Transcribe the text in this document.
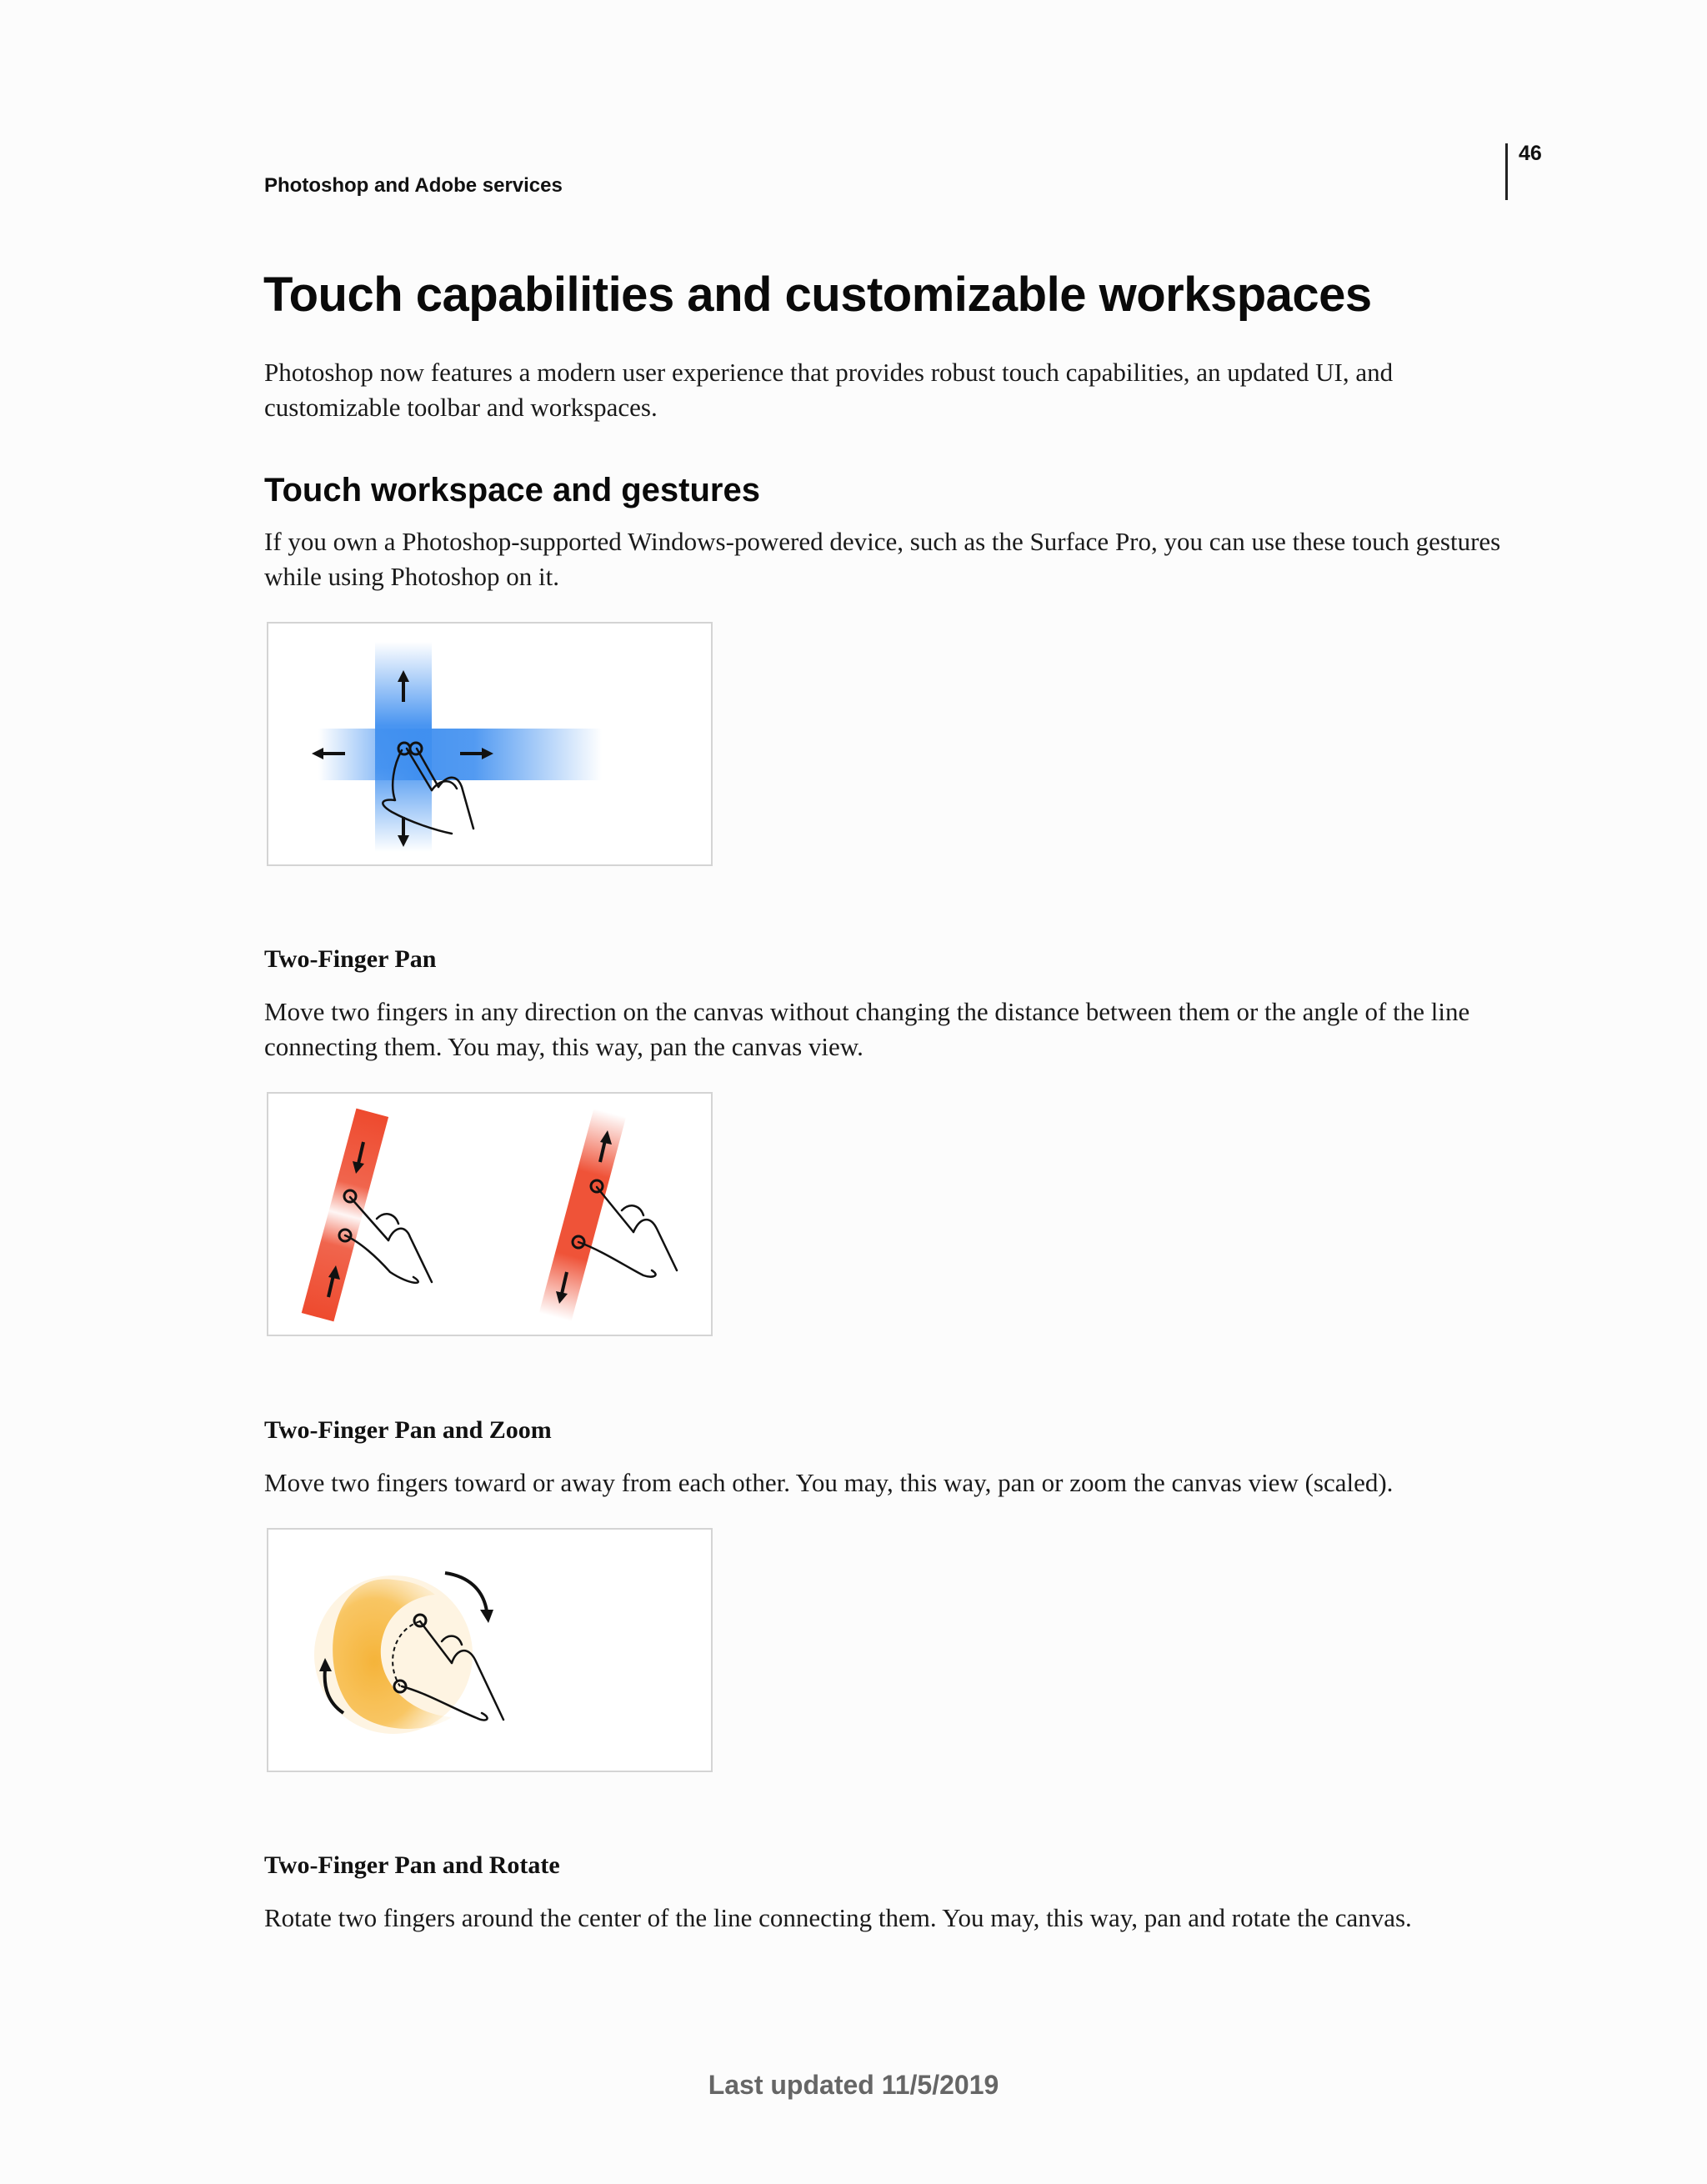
46
Photoshop and Adobe services
Touch capabilities and customizable workspaces

Photoshop now features a modern user experience that provides robust touch capabilities, an updated UI, and customizable toolbar and workspaces.

Touch workspace and gestures

If you own a Photoshop-supported Windows-powered device, such as the Surface Pro, you can use these touch gestures while using Photoshop on it.

Two-Finger Pan

Move two fingers in any direction on the canvas without changing the distance between them or the angle of the line connecting them. You may, this way, pan the canvas view.

Two-Finger Pan and Zoom

Move two fingers toward or away from each other. You may, this way, pan or zoom the canvas view (scaled).

Two-Finger Pan and Rotate

Rotate two fingers around the center of the line connecting them. You may, this way, pan and rotate the canvas.

Last updated 11/5/2019
